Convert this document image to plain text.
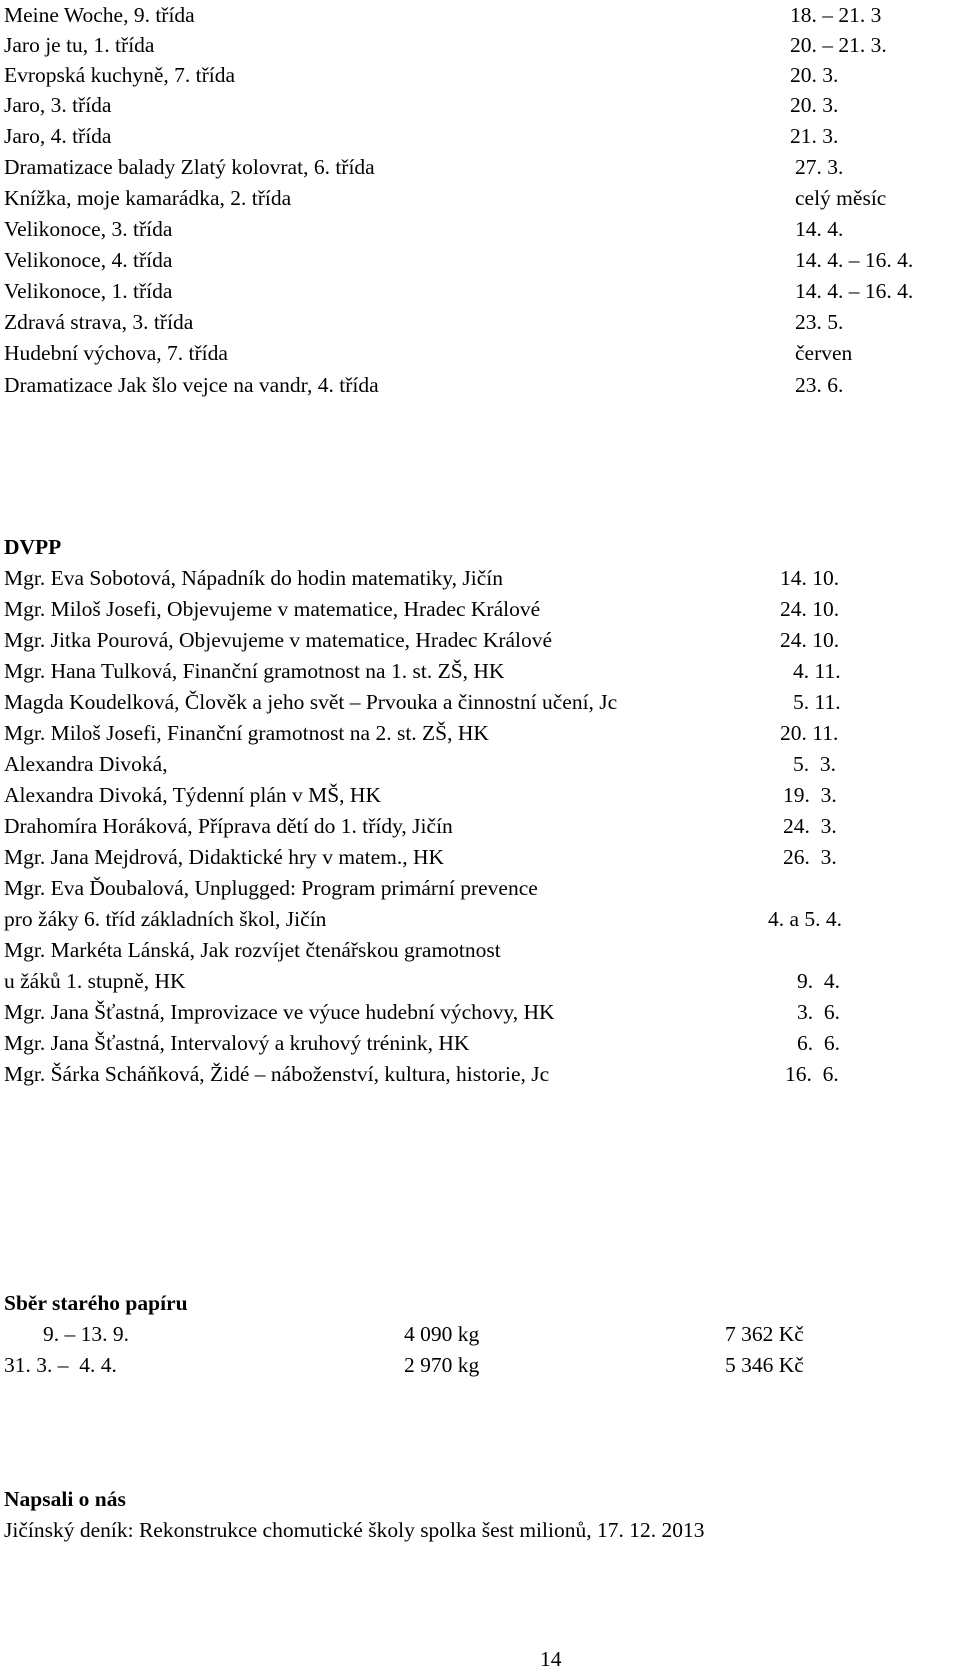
Meine Woche, 9. třída	18. – 21. 3
Jaro je tu, 1. třída	20. – 21. 3.
Evropská kuchyně, 7. třída	20. 3.
Jaro, 3. třída	20. 3.
Jaro, 4. třída	21. 3.
Dramatizace balady Zlatý kolovrat, 6. třída	27. 3.
Knížka, moje kamarádka, 2. třída	celý měsíc
Velikonoce, 3. třída	14. 4.
Velikonoce, 4. třída	14. 4. – 16. 4.
Velikonoce, 1. třída	14. 4. – 16. 4.
Zdravá strava, 3. třída	23. 5.
Hudební výchova, 7. třída	červen
Dramatizace Jak šlo vejce na vandr, 4. třída	23. 6.
DVPP
Mgr. Eva Sobotová, Nápadník do hodin matematiky, Jičín	14. 10.
Mgr. Miloš Josefi, Objevujeme v matematice, Hradec Králové	24. 10.
Mgr. Jitka Pourová, Objevujeme v matematice, Hradec Králové	24. 10.
Mgr. Hana Tulková, Finanční gramotnost na 1. st. ZŠ, HK	4. 11.
Magda Koudelková, Člověk a jeho svět – Prvouka a činnostní učení, Jc	5. 11.
Mgr. Miloš Josefi, Finanční gramotnost na 2. st. ZŠ, HK	20. 11.
Alexandra Divoká,	5.  3.
Alexandra Divoká, Týdenní plán v MŠ, HK	19.  3.
Drahomíra Horáková, Příprava dětí do 1. třídy, Jičín	24.  3.
Mgr. Jana Mejdrová, Didaktické hry v matem., HK	26.  3.
Mgr. Eva Ďoubalová, Unplugged: Program primární prevence
pro žáky 6. tříd základních škol, Jičín	4. a 5. 4.
Mgr. Markéta Lánská, Jak rozvíjet čtenářskou gramotnost
u žáků 1. stupně, HK	9.  4.
Mgr. Jana Šťastná, Improvizace ve výuce hudební výchovy, HK	3.  6.
Mgr. Jana Šťastná, Intervalový a kruhový trénink, HK	6.  6.
Mgr. Šárka Scháňková, Židé – náboženství, kultura, historie, Jc	16.  6.
Sběr starého papíru
9. – 13. 9.	4 090 kg	7 362 Kč
31. 3. –  4. 4.	2 970 kg	5 346 Kč
Napsali o nás
Jičínský deník: Rekonstrukce chomutické školy spolka šest milionů, 17. 12. 2013
14
